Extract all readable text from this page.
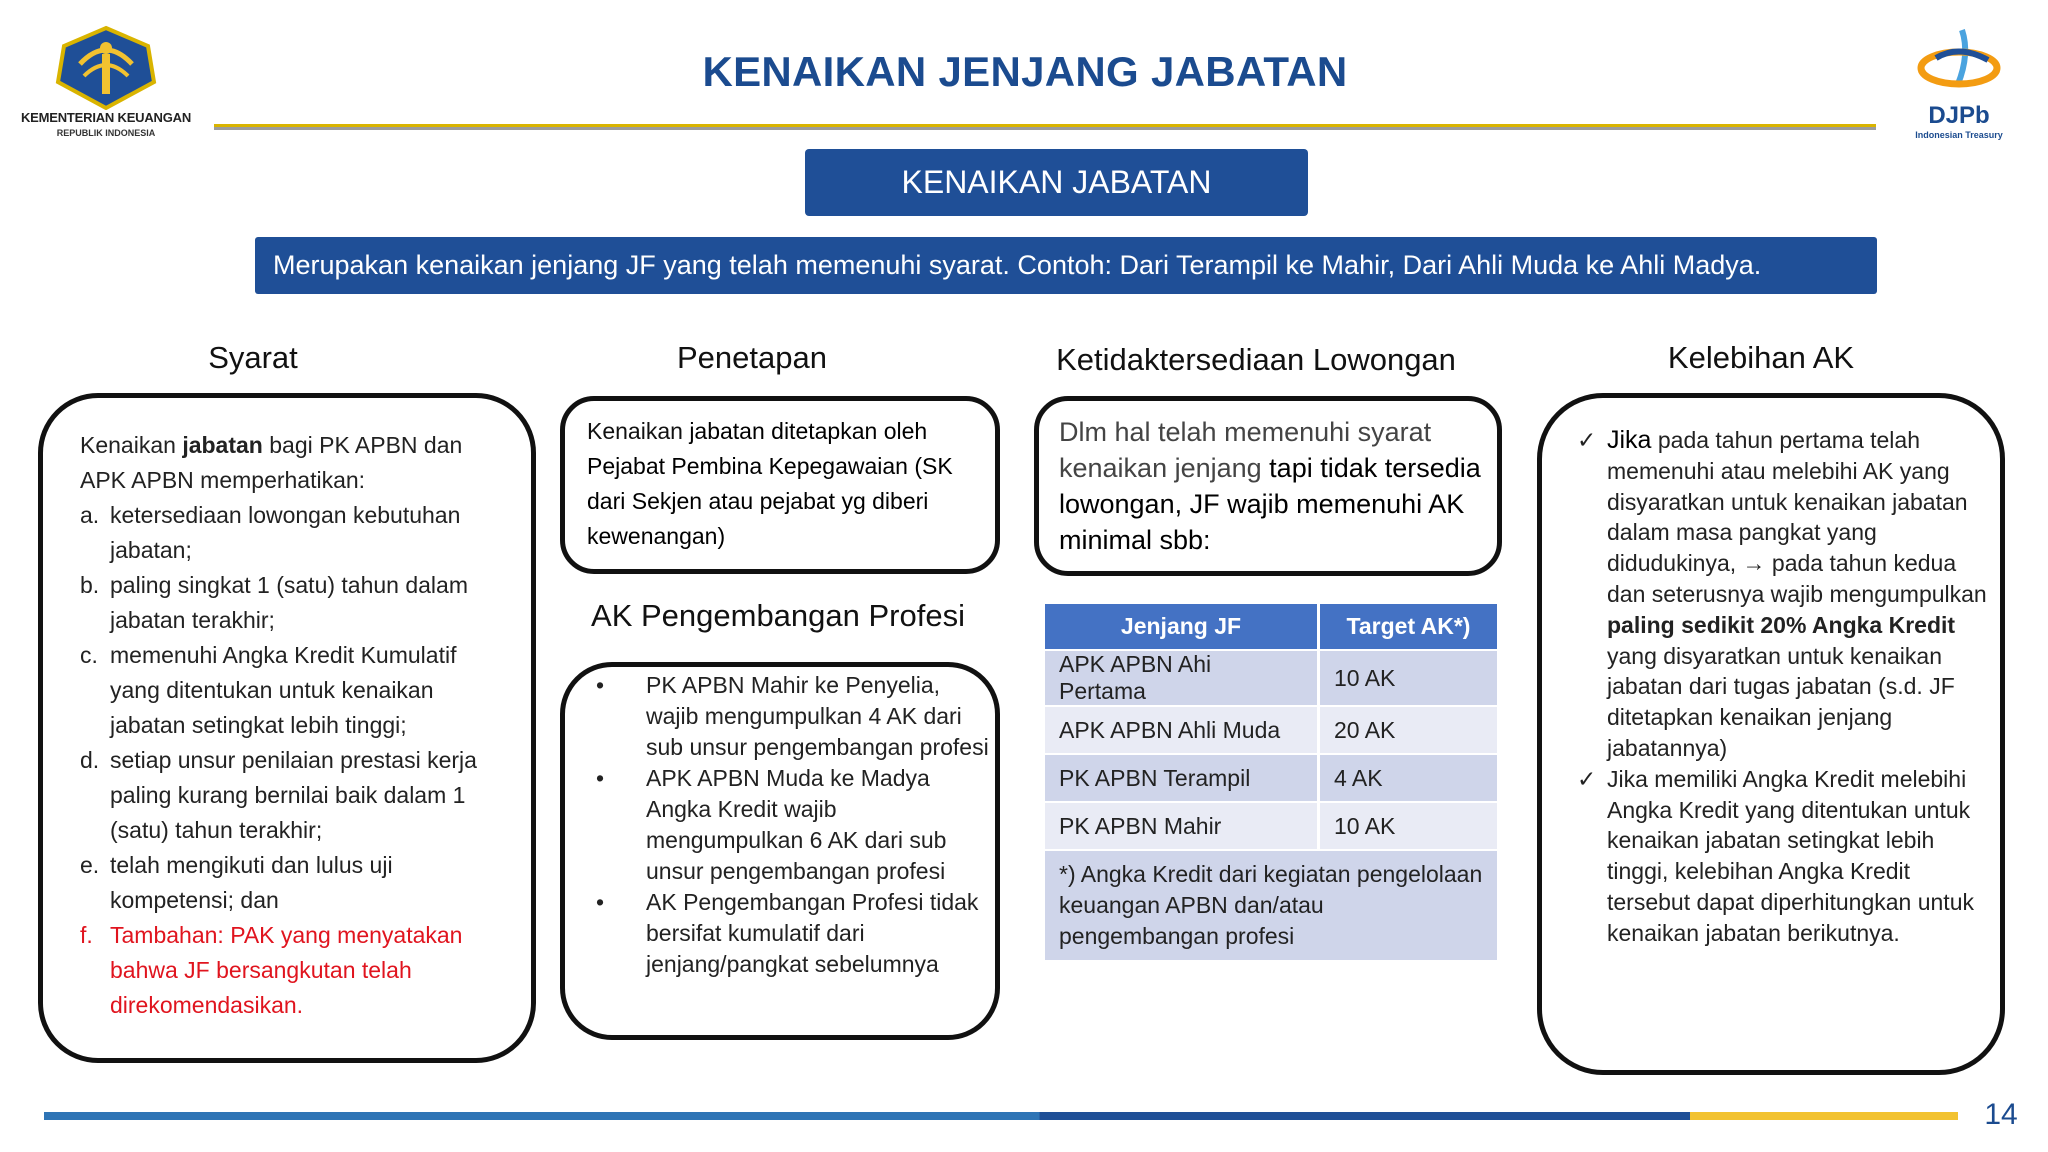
KEMENTERIAN KEUANGAN
REPUBLIK INDONESIA
KENAIKAN JENJANG JABATAN
DJPb
Indonesian Treasury
KENAIKAN JABATAN
Merupakan kenaikan jenjang JF yang telah memenuhi syarat. Contoh: Dari Terampil ke Mahir, Dari Ahli Muda ke Ahli Madya.
Syarat	Penetapan
AK Pengembangan Profesi
Ketidaktersediaan Lowongan	Kelebihan AK
Kenaikan jabatan bagi PK APBN dan APK APBN memperhatikan:
a. ketersediaan lowongan kebutuhan jabatan;
b. paling singkat 1 (satu) tahun dalam jabatan terakhir;
c. memenuhi Angka Kredit Kumulatif yang ditentukan untuk kenaikan jabatan setingkat lebih tinggi;
d. setiap unsur penilaian prestasi kerja paling kurang bernilai baik dalam 1 (satu) tahun terakhir;
e. telah mengikuti dan lulus uji kompetensi; dan
f. Tambahan: PAK yang menyatakan bahwa JF bersangkutan telah direkomendasikan.
Kenaikan jabatan ditetapkan oleh Pejabat Pembina Kepegawaian (SK dari Sekjen atau pejabat yg diberi kewenangan)
• PK APBN Mahir ke Penyelia, wajib mengumpulkan 4 AK dari sub unsur pengembangan profesi
• APK APBN Muda ke Madya Angka Kredit wajib mengumpulkan 6 AK dari sub unsur pengembangan profesi
• AK Pengembangan Profesi tidak bersifat kumulatif dari jenjang/pangkat sebelumnya
Dlm hal telah memenuhi syarat kenaikan jenjang tapi tidak tersedia lowongan, JF wajib memenuhi AK minimal sbb:
Jenjang JF	Target AK*)
APK APBN Ahi Pertama	10 AK
APK APBN Ahli Muda	20 AK
PK APBN Terampil	4 AK
PK APBN Mahir	10 AK
*) Angka Kredit dari kegiatan pengelolaan keuangan APBN dan/atau pengembangan profesi	
✓ Jika pada tahun pertama telah memenuhi atau melebihi AK yang disyaratkan untuk kenaikan jabatan dalam masa pangkat yang didudukinya, → pada tahun kedua dan seterusnya wajib mengumpulkan paling sedikit 20% Angka Kredit yang disyaratkan untuk kenaikan jabatan dari tugas jabatan (s.d. JF ditetapkan kenaikan jenjang jabatannya)
✓ Jika memiliki Angka Kredit melebihi Angka Kredit yang ditentukan untuk kenaikan jabatan setingkat lebih tinggi, kelebihan Angka Kredit tersebut dapat diperhitungkan untuk kenaikan jabatan berikutnya.
14
